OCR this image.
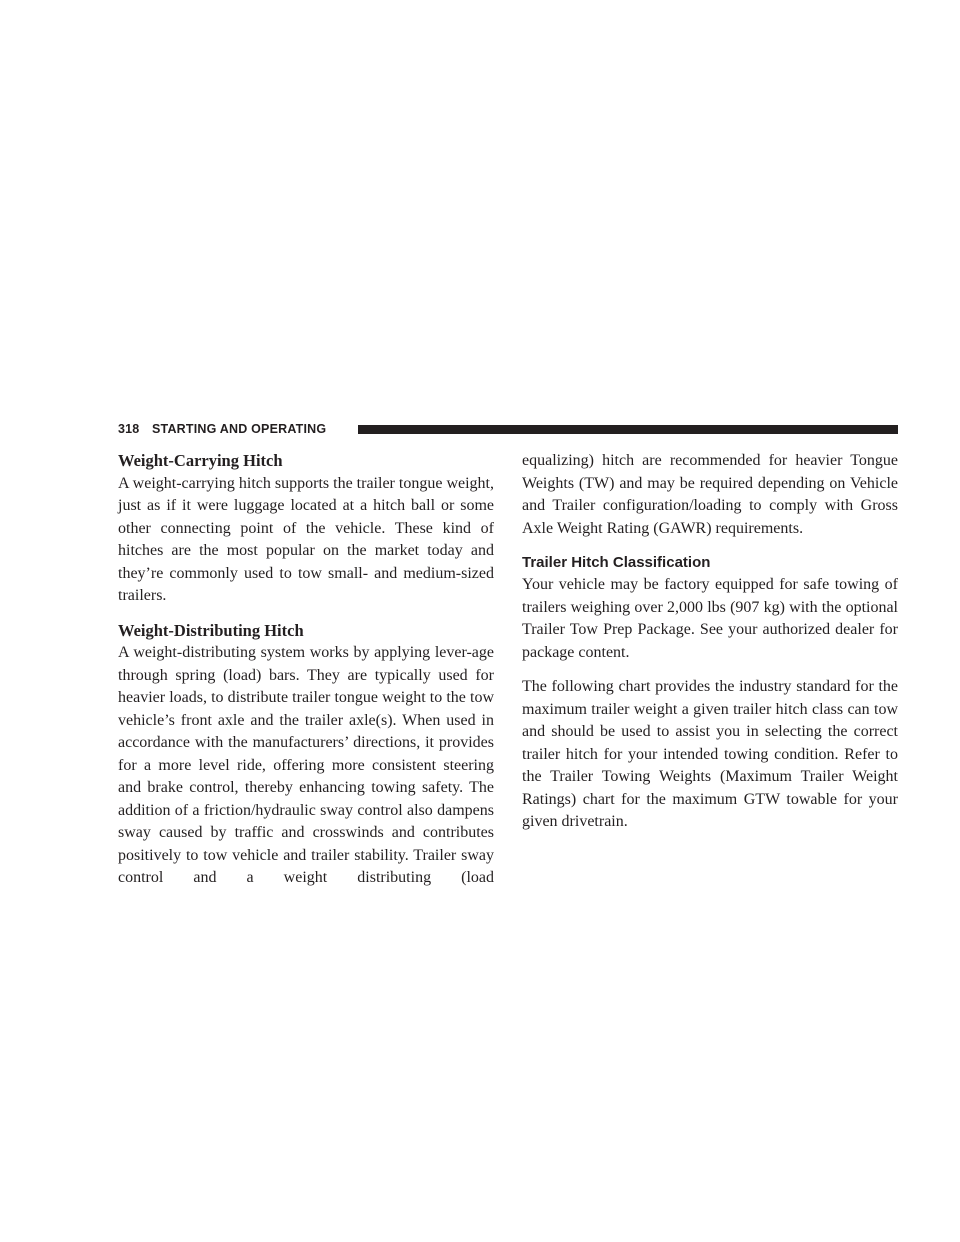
318 STARTING AND OPERATING
Weight-Carrying Hitch

A weight-carrying hitch supports the trailer tongue weight, just as if it were luggage located at a hitch ball or some other connecting point of the vehicle. These kind of hitches are the most popular on the market today and they’re commonly used to tow small- and medium-sized trailers.

Weight-Distributing Hitch

A weight-distributing system works by applying lever-age through spring (load) bars. They are typically used for heavier loads, to distribute trailer tongue weight to the tow vehicle’s front axle and the trailer axle(s). When used in accordance with the manufacturers’ directions, it provides for a more level ride, offering more consistent steering and brake control, thereby enhancing towing safety. The addition of a friction/hydraulic sway control also dampens sway caused by traffic and crosswinds and contributes positively to tow vehicle and trailer stability. Trailer sway control and a weight distributing (load

equalizing) hitch are recommended for heavier Tongue Weights (TW) and may be required depending on Vehicle and Trailer configuration/loading to comply with Gross Axle Weight Rating (GAWR) requirements.

Trailer Hitch Classification

Your vehicle may be factory equipped for safe towing of trailers weighing over 2,000 lbs (907 kg) with the optional Trailer Tow Prep Package. See your authorized dealer for package content.

The following chart provides the industry standard for the maximum trailer weight a given trailer hitch class can tow and should be used to assist you in selecting the correct trailer hitch for your intended towing condition. Refer to the Trailer Towing Weights (Maximum Trailer Weight Ratings) chart for the maximum GTW towable for your given drivetrain.
